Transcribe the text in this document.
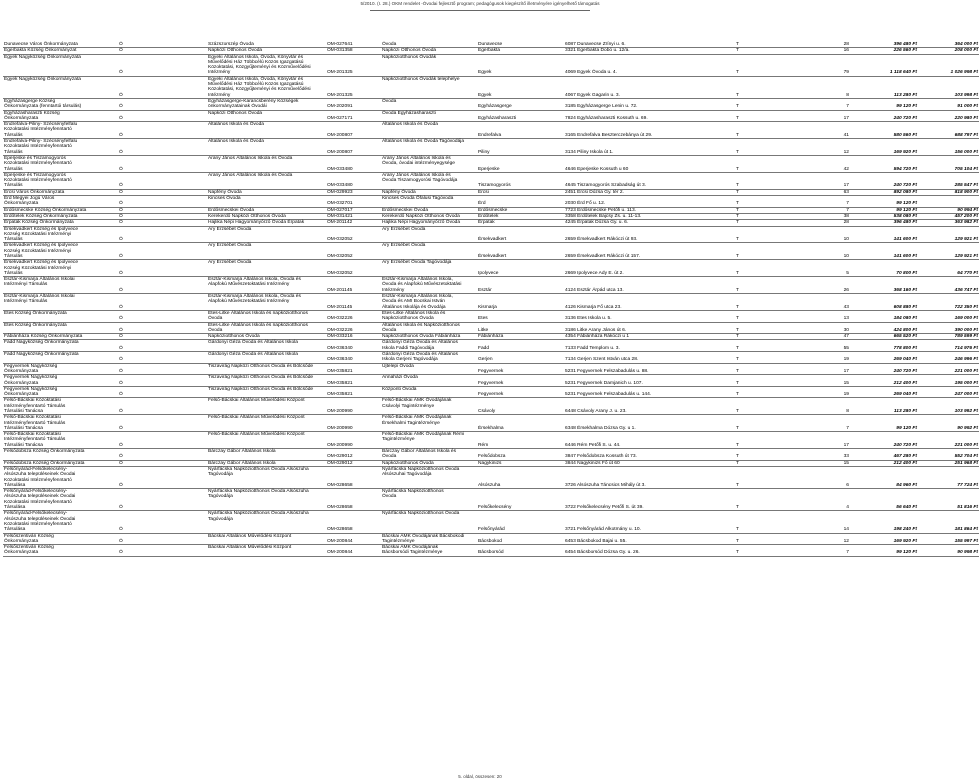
5/2010. (I. 28.) OKM rendelet -Óvodai fejlesztő program; pedagógusok kiegészítő illetményére igényelhető támogatás
Dunavecse Város Önkormányzata	Ó	Százszorszép Óvoda	OM-027641	Óvoda	Dunavecse	6087 Dunavecse Zrínyi u. 6.	T	28	396 480 Ft	364 000 Ft
Egerbakta Község Önkormányzat	Ó	Napközi Otthonos Óvoda	OM-031358	Napközi Otthonos Óvoda	Egerbakta	3321 Egerbakta Dobó u. 12/a.	T	16	226 560 Ft	208 000 Ft
Egyek Nagyközség Önkormányzata	Ó	Egyeki Általános Iskola, Óvoda, Könyvtár és
Művelődési Ház Többcélú Közös Igazgatású
Közoktatási, Közgyűjteményi és Közművelődési
Intézmény	OM-201325	Napköziotthonos Óvodák	Egyek	4069 Egyek Óvoda u. 4.	T	79	1 118 640 Ft	1 026 998 Ft
Egyek Nagyközség Önkormányzata	Ó	Egyeki Általános Iskola, Óvoda, Könyvtár és
Művelődési Ház Többcélú Közös Igazgatású
Közoktatási, Közgyűjteményi és Közművelődési
Intézmény	OM-201325	Napköziotthonos Óvodák telephelye	Egyek	4067 Egyek Gagarin u. 3.	T	8	113 280 Ft	103 998 Ft
Egyházasgerge Község
Önkormányzata (fenntartói társulás)	Ó	Egyházasgerge-Karancsberény Községek
önkormányzatainak Óvodái	OM-202091	Óvoda	Egyházasgerge	3185 Egyházasgerge Lenin u. 72.	T	7	99 120 Ft	91 000 Ft
Egyházasharaszti Község
Önkormányzata	Ó	Napközi Otthonos Óvoda	OM-027171	Óvoda Egyházasharaszti	Egyházasharaszti	7824 Egyházasharaszti Kossuth u. 69.	T	17	240 720 Ft	220 980 Ft
Endrefalva-Piliny- Szécsényfelfalu
Közoktatási Intézményfenntartó
Társulás	Ó	Általános Iskola és Óvoda	OM-200807	Általános Iskola és Óvoda	Endrefalva	3165 Endrefalva Beszterczebánya út 29.	T	41	580 560 Ft	688 797 Ft
Endrefalva-Piliny- Szécsényfelfalu
Közoktatási Intézményfenntartó
Társulás	Ó	Általános Iskola és Óvoda	OM-200807	Általános Iskola és Óvoda Tagóvodája	Piliny	3134 Piliny Iskola út 1.	T	12	169 920 Ft	156 000 Ft
Eperjeske és Tiszamogyorós
Közoktatási Intézményfenntartó
Társulás	Ó	Arany János Általános Iskola és Óvoda	OM-033480	Arany János Általános Iskola és
Óvoda, óvodai intézményegysége	Eperjeske	4646 Eperjeske Kossuth u 60	T	42	594 720 Ft	705 104 Ft
Eperjeske és Tiszamogyorós
Közoktatási Intézményfenntartó
Társulás	Ó	Arany János Általános Iskola és Óvoda	OM-033480	Arany János Általános Iskola és
Óvoda Tiszamogyorósi Tagóvodája	Tiszamogyorós	4645 Tiszamogyorós Szabadság út 3.	T	17	240 720 Ft	285 547 Ft
Ercsi Város Önkormányzata	Ó	Napfény Óvoda	OM-029923	Napfény Óvoda	Ercsi	2451 Ercsi Dózsa Gy. tér 2.	T	63	892 080 Ft	818 900 Ft
Érd Megyei Jogú Város
Önkormányzata	Ó	Kincses Óvoda	OM-032701	Kincses Óvoda Őfalusi Tagóvoda	Érd	2030 Érd Fő u. 12.	T	7	99 120 Ft	
Erdősmecske Község Önkormányzata	Ó	Erdősmecskei Óvoda	OM-027017	Erdősmecskei Óvoda	Erdősmecske	7723 Erdősmecske Petőfi u. 113.	T	7	99 120 Ft	90 994 Ft
Erdőtelek Község Önkormányzata	Ó	Kerekerdő Napközi Otthonos Óvoda	OM-031421	Kerekerdő Napközi Otthonos Óvoda	Erdőtelek	3358 Erdőtelek Bajcsy Zs. u. 11-13.	T	38	538 080 Ft	457 200 Ft
Érpatak Község Önkormányzata	Ó	Hajlika Népi Hagyományőrző Óvoda Érpatak	OM-201142	Hajlika Népi Hagyományőrző Óvoda	Érpatak	4245 Érpatak Dózsa Gy. u. 6.	T	28	396 480 Ft	363 982 Ft
Érsekvadkert Község és Ipolyvece
Község Közoktatási Intézményi
Társulás	Ó	Ary Erzsébet Óvoda	OM-032052	Ary Erzsébet Óvoda	Érsekvadkert	2659 Érsekvadkert Rákóczi út 93.	T	10	141 600 Ft	129 921 Ft
Érsekvadkert Község és Ipolyvece
Község Közoktatási Intézményi
Társulás	Ó	Ary Erzsébet Óvoda	OM-032052	Ary Erzsébet Óvoda	Érsekvadkert	2659 Érsekvadkert Rákóczi út 157.	T	10	141 600 Ft	129 921 Ft
Érsekvadkert Község és Ipolyvece
Község Közoktatási Intézményi
Társulás	Ó	Ary Erzsébet Óvoda	OM-032052	Ary Erzsébet Óvoda Tagóvodája	Ipolyvece	2669 Ipolyvece Ady E. út 2.	T	5	70 800 Ft	64 770 Ft
Esztár-Kismarja Általános Iskolai
Intézményi Társulás	Ó	Esztár-Kismarja Általános Iskola, Óvoda és
Alapfokú Művészetoktatási Intézmény	OM-201145	Esztár-Kismarja Általános Iskola,
Óvoda és Alapfokú Művészetoktatási
Intézmény	Esztár	4124 Esztár Árpád utca 13.	T	26	368 160 Ft	436 747 Ft
Esztár-Kismarja Általános Iskolai
Intézményi Társulás	Ó	Esztár-Kismarja Általános Iskola, Óvoda és
Alapfokú Művészetoktatási Intézmény	OM-201145	Esztár-Kismarja Általános Iskola,
Óvoda és AMI Bocskai István
Általános Iskolája és Óvodája	Kismarja	4126 Kismarja Fő utca 23.	T	43	608 880 Ft	722 350 Ft
Etes Község Önkormányzata	Ó	Etes-Litke Általános Iskola és napköziotthonos
Óvoda	OM-032226	Etes-Litke Általános Iskola és
Napköziotthonos Óvoda	Etes	3136 Etes Iskola u. 5.	T	13	184 080 Ft	169 000 Ft
Etes Község Önkormányzata	Ó	Etes-Litke Általános Iskola és napköziotthonos
Óvoda	OM-032226	Általános Iskola és Napköziotthonos
Óvoda	Litke	3186 Litke Arany János út 6.	T	30	424 800 Ft	390 000 Ft
Fábiánháza Község Önkormányzata	Ó	Napköziotthonos Óvoda	OM-033216	Napköziotthonos Óvoda Fábiánháza	Fábiánháza	4354 Fábiánháza Rákóczi u 1	T	47	665 520 Ft	789 599 Ft
Fadd Nagyközség Önkormányzata	Ó	Gárdonyi Géza Óvoda és Általános Iskola	OM-036340	Gárdonyi Géza Óvoda és Általános
Iskola Faddi Tagóvodája	Fadd	7133 Fadd Templom u. 3.	T	55	778 800 Ft	714 976 Ft
Fadd Nagyközség Önkormányzata	Ó	Gárdonyi Géza Óvoda és Általános Iskola	OM-036340	Gárdonyi Géza Óvoda és Általános
Iskola Gerjeni Tagóvodája	Gerjen	7134 Gerjen Szent István utca 28.	T	19	269 040 Ft	246 996 Ft
Fegyvernek Nagyközség
Önkormányzata	Ó	Tiszavirág Napközi Otthonos Óvoda és Bölcsőde	OM-035821	Újtelepi Óvoda	Fegyvernek	5231 Fegyvernek Felszabadulás u. 88.	T	17	240 720 Ft	221 000 Ft
Fegyvernek Nagyközség
Önkormányzata	Ó	Tiszavirág Napközi Otthonos Óvoda és Bölcsőde	OM-035821	Annaházi Óvoda	Fegyvernek	5231 Fegyvernek Damjanich u. 107.	T	15	212 400 Ft	195 000 Ft
Fegyvernek Nagyközség
Önkormányzata	Ó	Tiszavirág Napközi Otthonos Óvoda és Bölcsőde	OM-035821	Központi Óvoda	Fegyvernek	5231 Fegyvernek Felszabadulás u. 144.	T	19	269 040 Ft	247 000 Ft
Felső-Bácskai Közoktatási
Intézményfenntartó Társulás
Társulási Tanácsa	Ó	Felső-Bácskai Általános Művelődési Központ	OM-200990	Felső-Bácskai ÁMK Óvodájának
Csávolyi Tagintézménye	Csávoly	6448 Csávoly Arany J. u. 23.	T	8	113 280 Ft	103 992 Ft
Felső-Bácskai Közoktatási
Intézményfenntartó Társulás
Társulási Tanácsa	Ó	Felső-Bácskai Általános Művelődési Központ	OM-200990	Felső-Bácskai ÁMK Óvodájának
Érsekhalmi Tagintézménye	Érsekhalma	6348 Érsekhalma Dózsa Gy. u 1.	T	7	99 120 Ft	90 992 Ft
Felső-Bácskai Közoktatási
Intézményfenntartó Társulás
Társulási Tanácsa	Ó	Felső-Bácskai Általános Művelődési Központ	OM-200990	Felső-Bácskai ÁMK Óvodájának Rémi
Tagintézménye	Rém	6446 Rém Petőfi S. u. 44.	T	17	240 720 Ft	221 000 Ft
Felsődobsza Község Önkormányzata	Ó	Bárczay Gábor Általános Iskola	OM-029012	Bárczay Gábor Általános Iskola és
Óvoda	Felsődobsza	3847 Felsődobsza Kossuth út 73.	T	33	467 280 Ft	552 704 Ft
Felsődobsza Község Önkormányzata	Ó	Bárczay Gábor Általános Iskola	OM-029012	Napköziotthonos Óvoda	Nagykinizs	3844 Nagykinizs Fő út 60	T	15	212 400 Ft	251 968 Ft
Felsőnyárád-Felsőkelecsény-
Alsószuha településeinek Óvodai
Közoktatási Intézményfenntartó
Társulása	Ó	Nyárfácska Napköziotthonos Óvoda Alsószuha
Tagóvodája	OM-028658	Nyárfácska Napköziotthonos Óvoda
Alsószuhai Tagóvodája	Alsószuha	3726 Alsószuha Táncsics Mihály út 3.	T	6	84 960 Ft	77 724 Ft
Felsőnyárád-Felsőkelecsény-
Alsószuha településeinek Óvodai
Közoktatási Intézményfenntartó
Társulása	Ó	Nyárfácska Napköziotthonos Óvoda Alsószuha
Tagóvodája	OM-028658	Nyárfácska Napköziotthonos
Óvoda	Felsőkelecsény	3722 Felsőkelecsény Petőfi S. út 39.	T	4	56 640 Ft	51 816 Ft
Felsőnyárád-Felsőkelecsény-
Alsószuha településeinek Óvodai
Közoktatási Intézményfenntartó
Társulása	Ó	Nyárfácska Napköziotthonos Óvoda Alsószuha
Tagóvodája	OM-028658	Nyárfácska Napköziotthonos Óvoda	Felsőnyárád	3721 Felsőnyárád Alkotmány u. 10.	T	14	198 240 Ft	181 864 Ft
Felsőszentiván Község
Önkormányzata	Ó	Bácskai Általános Művelődési Központ	OM-200844	Bácskai ÁMK Óvodájának Bácsbokodi
Tagintézménye	Bácsbokod	6453 Bácsbokod Bajai u. 55.	T	12	169 920 Ft	155 997 Ft
Felsőszentiván Község
Önkormányzata	Ó	Bácskai Általános Művelődési Központ	OM-200844	Bácskai ÁMK Óvodájának
Bácsborsódi Tagintézménye	Bácsborsód	6454 Bácsborsód Dózsa Gy. u. 26.	T	7	99 120 Ft	90 998 Ft
5. oldal, összesen: 20
